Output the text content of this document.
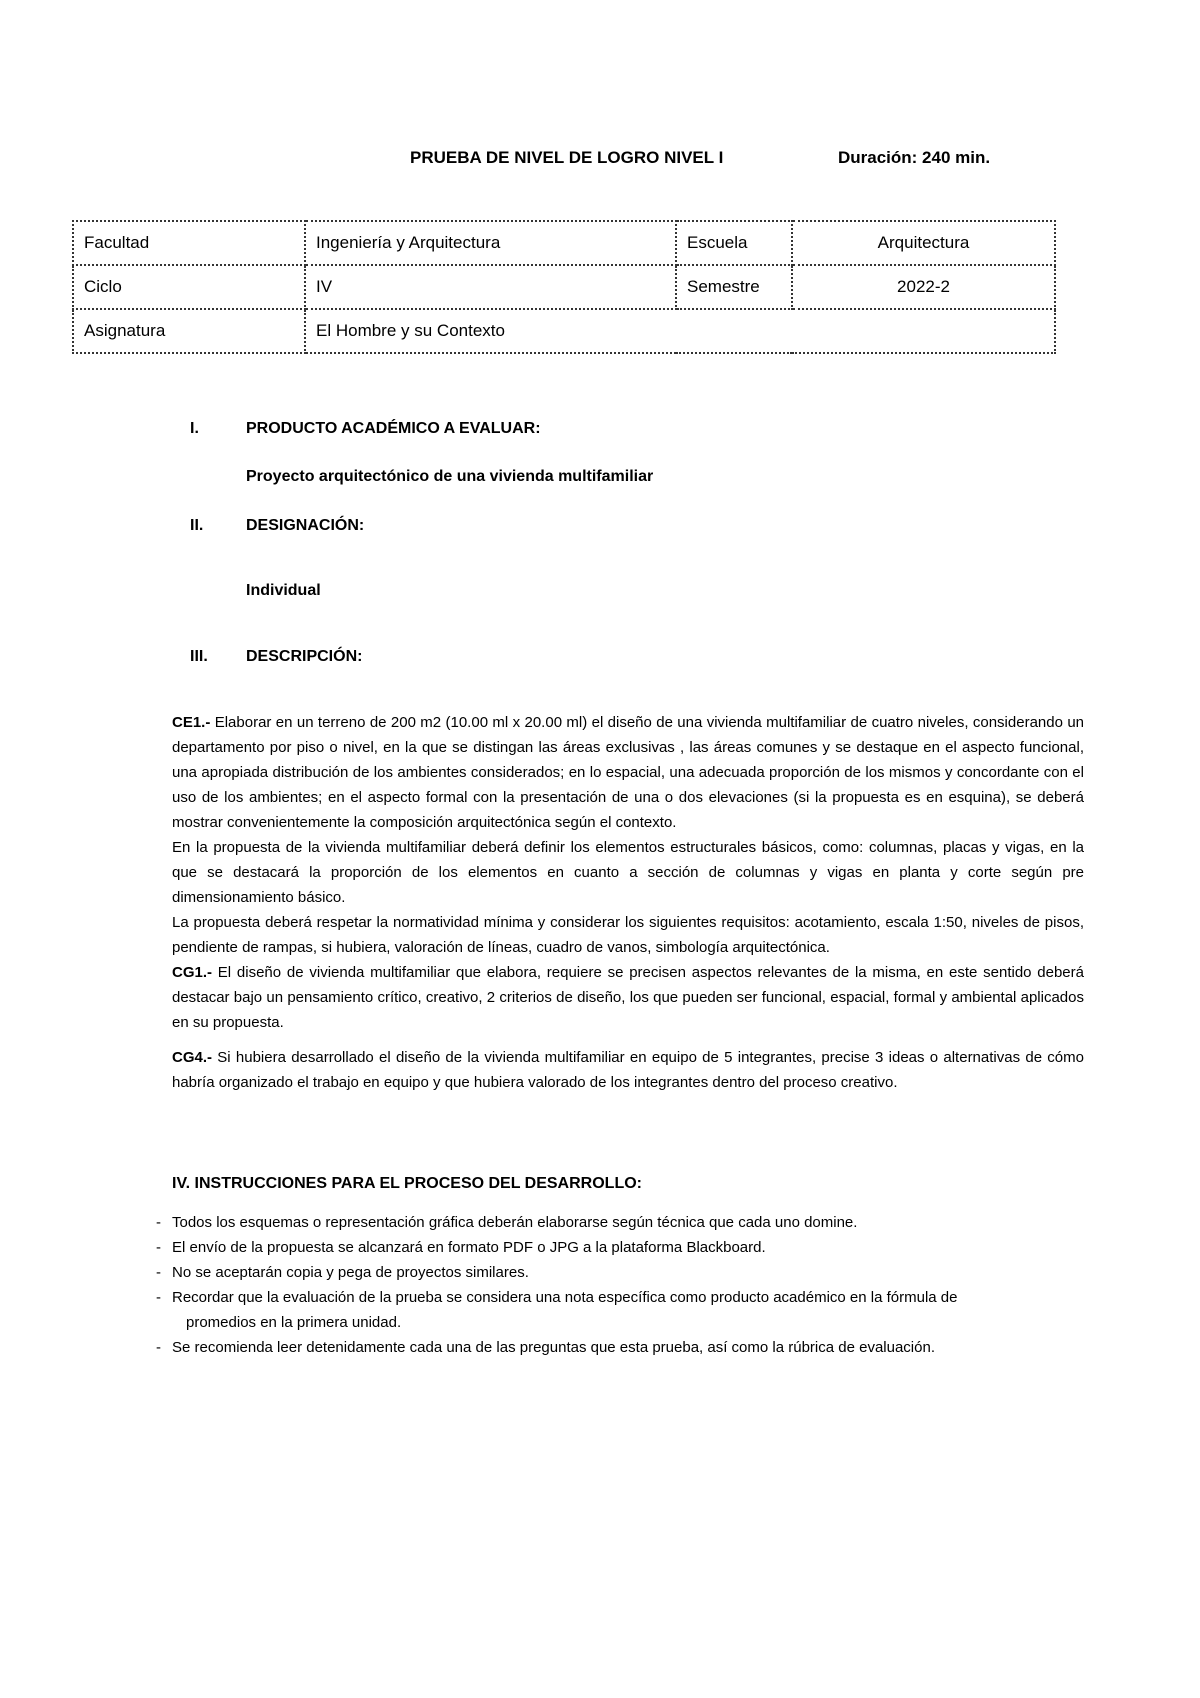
PRUEBA DE NIVEL DE LOGRO NIVEL I	Duración: 240 min.
Facultad	Ingeniería y Arquitectura	Escuela	Arquitectura
Ciclo	IV	Semestre	2022-2
Asignatura	El Hombre y su Contexto		
I.	PRODUCTO ACADÉMICO A EVALUAR:
Proyecto arquitectónico de una vivienda multifamiliar
II.	DESIGNACIÓN:
Individual
III. DESCRIPCIÓN:

CE1.- Elaborar en un terreno de 200 m2 (10.00 ml x 20.00 ml) el diseño de una vivienda multifamiliar de cuatro niveles, considerando un departamento por piso o nivel, en la que se distingan las áreas exclusivas , las áreas comunes y se destaque en el aspecto funcional, una apropiada distribución de los ambientes considerados; en lo espacial, una adecuada proporción de los mismos y concordante con el uso de los ambientes; en el aspecto formal con la presentación de una o dos elevaciones (si la propuesta es en esquina), se deberá mostrar convenientemente la composición arquitectónica según el contexto.

En la propuesta de la vivienda multifamiliar deberá definir los elementos estructurales básicos, como: columnas, placas y vigas, en la que se destacará la proporción de los elementos en cuanto a sección de columnas y vigas en planta y corte según pre dimensionamiento básico.

La propuesta deberá respetar la normatividad mínima y considerar los siguientes requisitos: acotamiento, escala 1:50, niveles de pisos, pendiente de rampas, si hubiera, valoración de líneas, cuadro de vanos, simbología arquitectónica.

CG1.- El diseño de vivienda multifamiliar que elabora, requiere se precisen aspectos relevantes de la misma, en este sentido deberá destacar bajo un pensamiento crítico, creativo, 2 criterios de diseño, los que pueden ser funcional, espacial, formal y ambiental aplicados en su propuesta.

CG4.- Si hubiera desarrollado el diseño de la vivienda multifamiliar en equipo de 5 integrantes, precise 3 ideas o alternativas de cómo habría organizado el trabajo en equipo y que hubiera valorado de los integrantes dentro del proceso creativo.

IV. INSTRUCCIONES PARA EL PROCESO DEL DESARROLLO:
- Todos los esquemas o representación gráfica deberán elaborarse según técnica que cada uno domine.
- El envío de la propuesta se alcanzará en formato PDF o JPG a la plataforma Blackboard.
- No se aceptarán copia y pega de proyectos similares.
- Recordar que la evaluación de la prueba se considera una nota específica como producto académico en la fórmula de
promedios en la primera unidad.
- Se recomienda leer detenidamente cada una de las preguntas que esta prueba, así como la rúbrica de evaluación.
